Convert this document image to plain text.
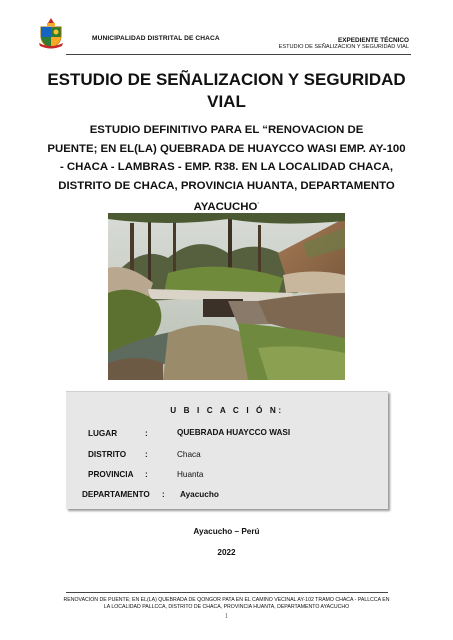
MUNICIPALIDAD DISTRITAL DE CHACA	EXPEDIENTE TÉCNICO
ESTUDIO DE SEÑALIZACION Y SEGURIDAD VIAL
ESTUDIO DE SEÑALIZACION Y SEGURIDAD
VIAL
ESTUDIO DEFINITIVO PARA EL “RENOVACION DE
PUENTE; EN EL(LA) QUEBRADA DE HUAYCCO WASI EMP. AY-100
- CHACA - LAMBRAS - EMP. R38. EN LA LOCALIDAD CHACA,
DISTRITO DE CHACA, PROVINCIA HUANTA, DEPARTAMENTO
AYACUCHO”
U B I C A C I Ó N:
LUGAR	:	QUEBRADA HUAYCCO WASI
DISTRITO :	Chaca
PROVINCIA :	Huanta
DEPARTAMENTO : Ayacucho
Ayacucho – Perú
2022
RENOVACION DE PUENTE; EN EL(LA) QUEBRADA DE QONGOR PATA EN EL CAMINO VECINAL AY-102 TRAMO CHACA - PALLCCA EN
LA LOCALIDAD PALLCCA, DISTRITO DE CHACA, PROVINCIA HUANTA, DEPARTAMENTO AYACUCHO
1
